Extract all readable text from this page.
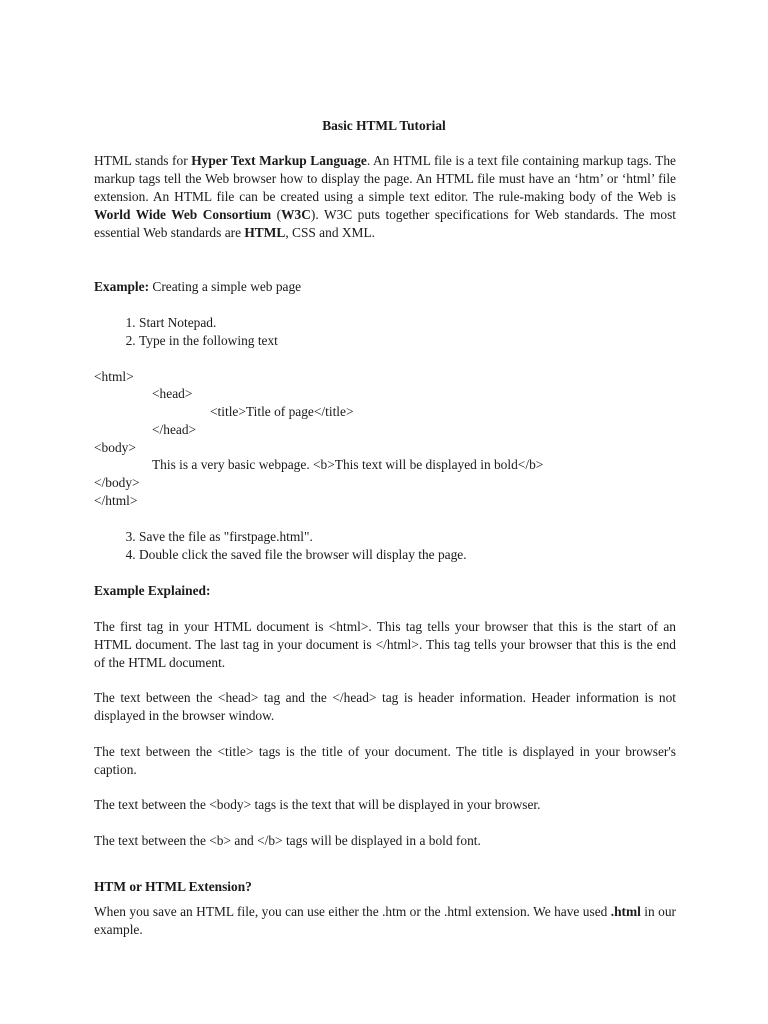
Basic HTML Tutorial
HTML stands for Hyper Text Markup Language. An HTML file is a text file containing markup tags. The markup tags tell the Web browser how to display the page. An HTML file must have an ‘htm’ or ‘html’ file extension. An HTML file can be created using a simple text editor. The rule-making body of the Web is World Wide Web Consortium (W3C). W3C puts together specifications for Web standards. The most essential Web standards are HTML, CSS and XML.
Example: Creating a simple web page
1. Start Notepad.
2. Type in the following text
<html>
<head>
<title>Title of page</title>
</head>
<body>
This is a very basic webpage. <b>This text will be displayed in bold</b>
</body>
</html>
3. Save the file as "firstpage.html".
4. Double click the saved file the browser will display the page.
Example Explained:
The first tag in your HTML document is <html>. This tag tells your browser that this is the start of an HTML document. The last tag in your document is </html>. This tag tells your browser that this is the end of the HTML document.
The text between the <head> tag and the </head> tag is header information. Header information is not displayed in the browser window.
The text between the <title> tags is the title of your document. The title is displayed in your browser's caption.
The text between the <body> tags is the text that will be displayed in your browser.
The text between the <b> and </b> tags will be displayed in a bold font.
HTM or HTML Extension?
When you save an HTML file, you can use either the .htm or the .html extension. We have used .html in our example.
